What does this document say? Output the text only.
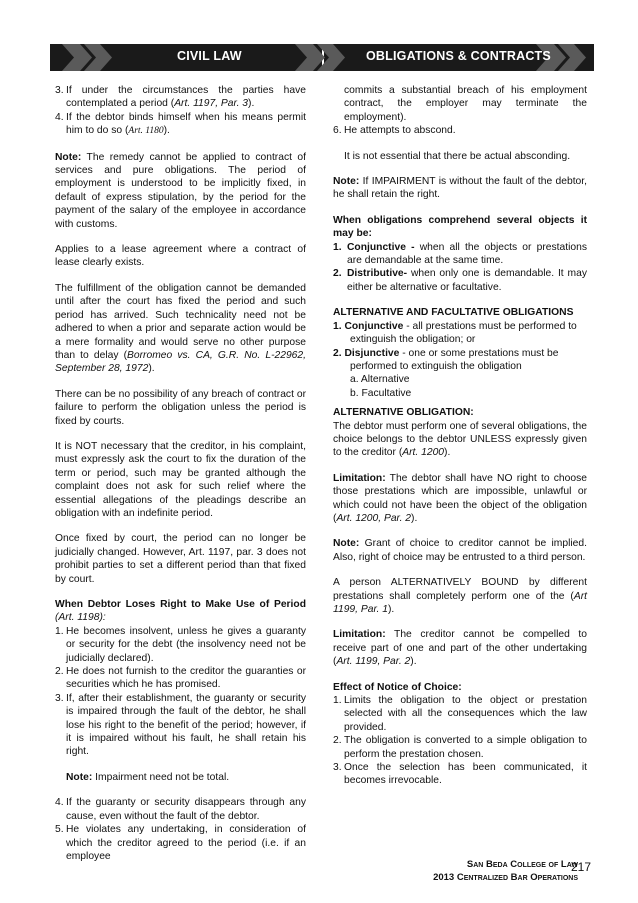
CIVIL LAW	OBLIGATIONS & CONTRACTS
3. If under the circumstances the parties have contemplated a period (Art. 1197, Par. 3).
4. If the debtor binds himself when his means permit him to do so (Art. 1180).

Note: The remedy cannot be applied to contract of services and pure obligations. The period of employment is understood to be implicitly fixed, in default of express stipulation, by the period for the payment of the salary of the employee in accordance with customs.

Applies to a lease agreement where a contract of lease clearly exists.

The fulfillment of the obligation cannot be demanded until after the court has fixed the period and such period has arrived. Such technicality need not be adhered to when a prior and separate action would be a mere formality and would serve no other purpose than to delay (Borromeo vs. CA, G.R. No. L-22962, September 28, 1972).

There can be no possibility of any breach of contract or failure to perform the obligation unless the period is fixed by courts.

It is NOT necessary that the creditor, in his complaint, must expressly ask the court to fix the duration of the term or period, such may be granted although the complaint does not ask for such relief where the essential allegations of the pleadings describe an obligation with an indefinite period.

Once fixed by court, the period can no longer be judicially changed. However, Art. 1197, par. 3 does not prohibit parties to set a different period than that fixed by court.

When Debtor Loses Right to Make Use of Period (Art. 1198):

1. He becomes insolvent, unless he gives a guaranty or security for the debt (the insolvency need not be judicially declared).
2. He does not furnish to the creditor the guaranties or securities which he has promised.
3. If, after their establishment, the guaranty or security is impaired through the fault of the debtor, he shall lose his right to the benefit of the period; however, if it is impaired without his fault, he shall retain his right.
Note: Impairment need not be total.
4. If the guaranty or security disappears through any cause, even without the fault of the debtor.
5. He violates any undertaking, in consideration of which the creditor agreed to the period (i.e. if an employee
commits a substantial breach of his employment contract, the employer may terminate the employment).
6. He attempts to abscond.
It is not essential that there be actual absconding.

Note: If IMPAIRMENT is without the fault of the debtor, he shall retain the right.

When obligations comprehend several objects it may be:

1. Conjunctive - when all the objects or prestations are demandable at the same time.
2. Distributive- when only one is demandable. It may either be alternative or facultative.

ALTERNATIVE AND FACULTATIVE OBLIGATIONS

1. Conjunctive - all prestations must be performed to extinguish the obligation; or
2. Disjunctive - one or some prestations must be performed to extinguish the obligation
a. Alternative
b. Facultative

ALTERNATIVE OBLIGATION:

The debtor must perform one of several obligations, the choice belongs to the debtor UNLESS expressly given to the creditor (Art. 1200).

Limitation: The debtor shall have NO right to choose those prestations which are impossible, unlawful or which could not have been the object of the obligation (Art. 1200, Par. 2).

Note: Grant of choice to creditor cannot be implied. Also, right of choice may be entrusted to a third person.

A person ALTERNATIVELY BOUND by different prestations shall completely perform one of the (Art 1199, Par. 1).

Limitation: The creditor cannot be compelled to receive part of one and part of the other undertaking (Art. 1199, Par. 2).

Effect of Notice of Choice:

1. Limits the obligation to the object or prestation selected with all the consequences which the law provided.
2. The obligation is converted to a simple obligation to perform the prestation chosen.
3. Once the selection has been communicated, it becomes irrevocable.
San Beda College of Law
2013 Centralized Bar Operations
217
